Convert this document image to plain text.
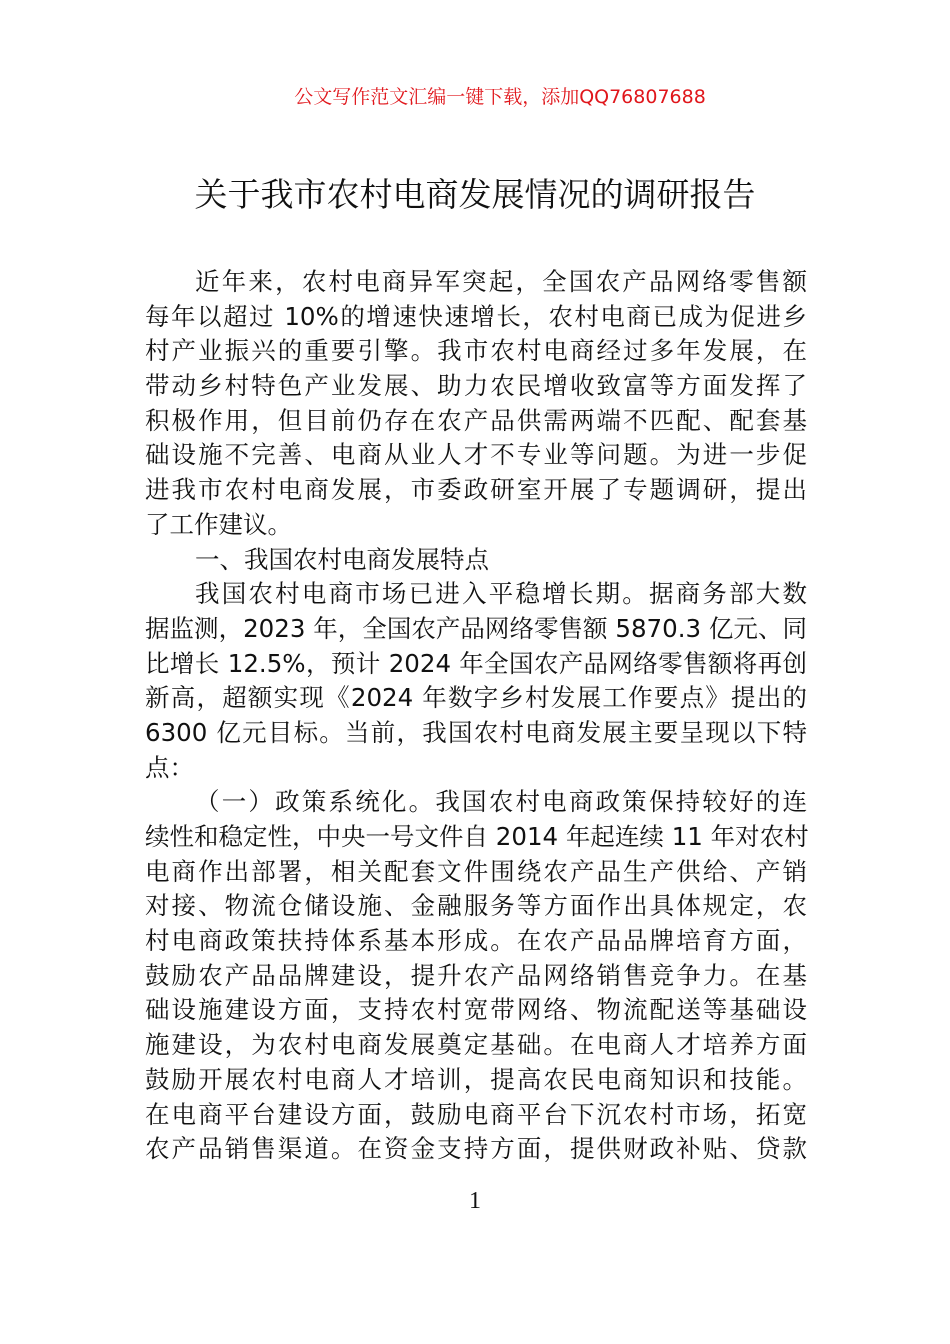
公文写作范文汇编一键下载，添加QQ76807688
关于我市农村电商发展情况的调研报告
近年来，农村电商异军突起，全国农产品网络零售额
每年以超过 10%的增速快速增长，农村电商已成为促进乡
村产业振兴的重要引擎。我市农村电商经过多年发展，在
带动乡村特色产业发展、助力农民增收致富等方面发挥了
积极作用，但目前仍存在农产品供需两端不匹配、配套基
础设施不完善、电商从业人才不专业等问题。为进一步促
进我市农村电商发展，市委政研室开展了专题调研，提出
了工作建议。
一、我国农村电商发展特点
我国农村电商市场已进入平稳增长期。据商务部大数
据监测，2023 年，全国农产品网络零售额 5870.3 亿元、同
比增长 12.5%，预计 2024 年全国农产品网络零售额将再创
新高，超额实现《2024 年数字乡村发展工作要点》提出的
6300 亿元目标。当前，我国农村电商发展主要呈现以下特
点：
（一）政策系统化。我国农村电商政策保持较好的连
续性和稳定性，中央一号文件自 2014 年起连续 11 年对农村
电商作出部署，相关配套文件围绕农产品生产供给、产销
对接、物流仓储设施、金融服务等方面作出具体规定，农
村电商政策扶持体系基本形成。在农产品品牌培育方面，
鼓励农产品品牌建设，提升农产品网络销售竞争力。在基
础设施建设方面，支持农村宽带网络、物流配送等基础设
施建设，为农村电商发展奠定基础。在电商人才培养方面
鼓励开展农村电商人才培训，提高农民电商知识和技能。
在电商平台建设方面，鼓励电商平台下沉农村市场，拓宽
农产品销售渠道。在资金支持方面，提供财政补贴、贷款
1
